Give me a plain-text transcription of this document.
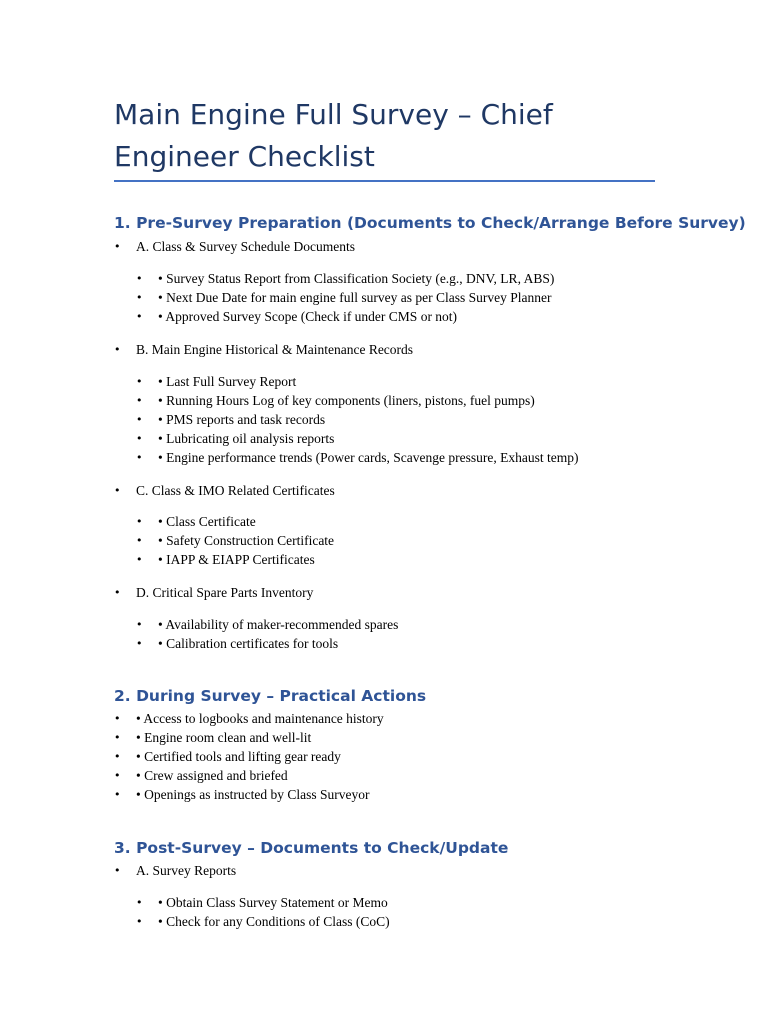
Main Engine Full Survey – Chief Engineer Checklist
1. Pre-Survey Preparation (Documents to Check/Arrange Before Survey)
• A. Class & Survey Schedule Documents
• • Survey Status Report from Classification Society (e.g., DNV, LR, ABS)
• • Next Due Date for main engine full survey as per Class Survey Planner
• • Approved Survey Scope (Check if under CMS or not)
• B. Main Engine Historical & Maintenance Records
• • Last Full Survey Report
• • Running Hours Log of key components (liners, pistons, fuel pumps)
• • PMS reports and task records
• • Lubricating oil analysis reports
• • Engine performance trends (Power cards, Scavenge pressure, Exhaust temp)
• C. Class & IMO Related Certificates
• • Class Certificate
• • Safety Construction Certificate
• • IAPP & EIAPP Certificates
• D. Critical Spare Parts Inventory
• • Availability of maker-recommended spares
• • Calibration certificates for tools
2. During Survey – Practical Actions
• • Access to logbooks and maintenance history
• • Engine room clean and well-lit
• • Certified tools and lifting gear ready
• • Crew assigned and briefed
• • Openings as instructed by Class Surveyor
3. Post-Survey – Documents to Check/Update
• A. Survey Reports
• • Obtain Class Survey Statement or Memo
• • Check for any Conditions of Class (CoC)
